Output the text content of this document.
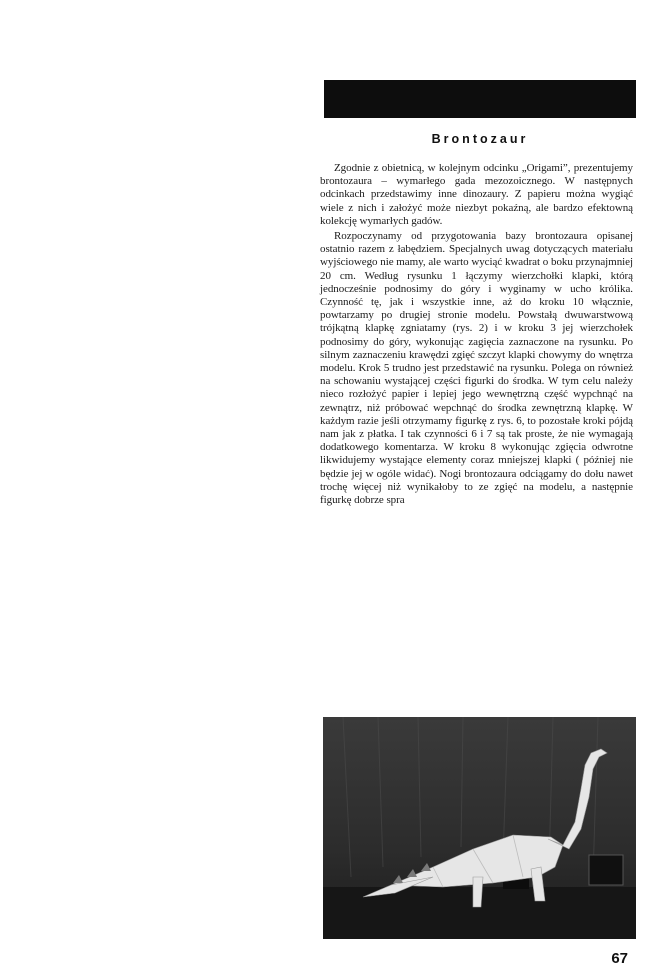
Brontozaur

Zgodnie z obietnicą, w kolejnym odcinku „Origami”, prezentujemy brontozaura – wymarłego gada mezozoicznego. W następnych odcinkach przedstawimy inne dinozaury. Z papieru można wygiąć wiele z nich i założyć może niezbyt pokaźną, ale bardzo efektowną kolekcję wymarłych gadów.

Rozpoczynamy od przygotowania bazy brontozaura opisanej ostatnio razem z łabędziem. Specjalnych uwag dotyczących materiału wyjściowego nie mamy, ale warto wyciąć kwadrat o boku przynajmniej 20 cm. Według rysunku 1 łączymy wierzchołki klapki, którą jednocześnie podnosimy do góry i wyginamy w ucho królika. Czynność tę, jak i wszystkie inne, aż do kroku 10 włącznie, powtarzamy po drugiej stronie modelu. Powstałą dwuwarstwową trójkątną klapkę zgniatamy (rys. 2) i w kroku 3 jej wierzchołek podnosimy do góry, wykonując zagięcia zaznaczone na rysunku. Po silnym zaznaczeniu krawędzi zgięć szczyt klapki chowymy do wnętrza modelu. Krok 5 trudno jest przedstawić na rysunku. Polega on również na schowaniu wystającej części figurki do środka. W tym celu należy nieco rozłożyć papier i lepiej jego wewnętrzną część wypchnąć na zewnątrz, niż próbować wepchnąć do środka zewnętrzną klapkę. W każdym razie jeśli otrzymamy figurkę z rys. 6, to pozostałe kroki pójdą nam jak z płatka. I tak czynności 6 i 7 są tak proste, że nie wymagają dodatkowego komentarza. W kroku 8 wykonując zgięcia odwrotne likwidujemy wystające elementy coraz mniejszej klapki ( później nie będzie jej w ogóle widać). Nogi brontozaura odciągamy do dołu nawet trochę więcej niż wynikałoby to ze zgięć na modelu, a następnie figurkę dobrze spra

67
